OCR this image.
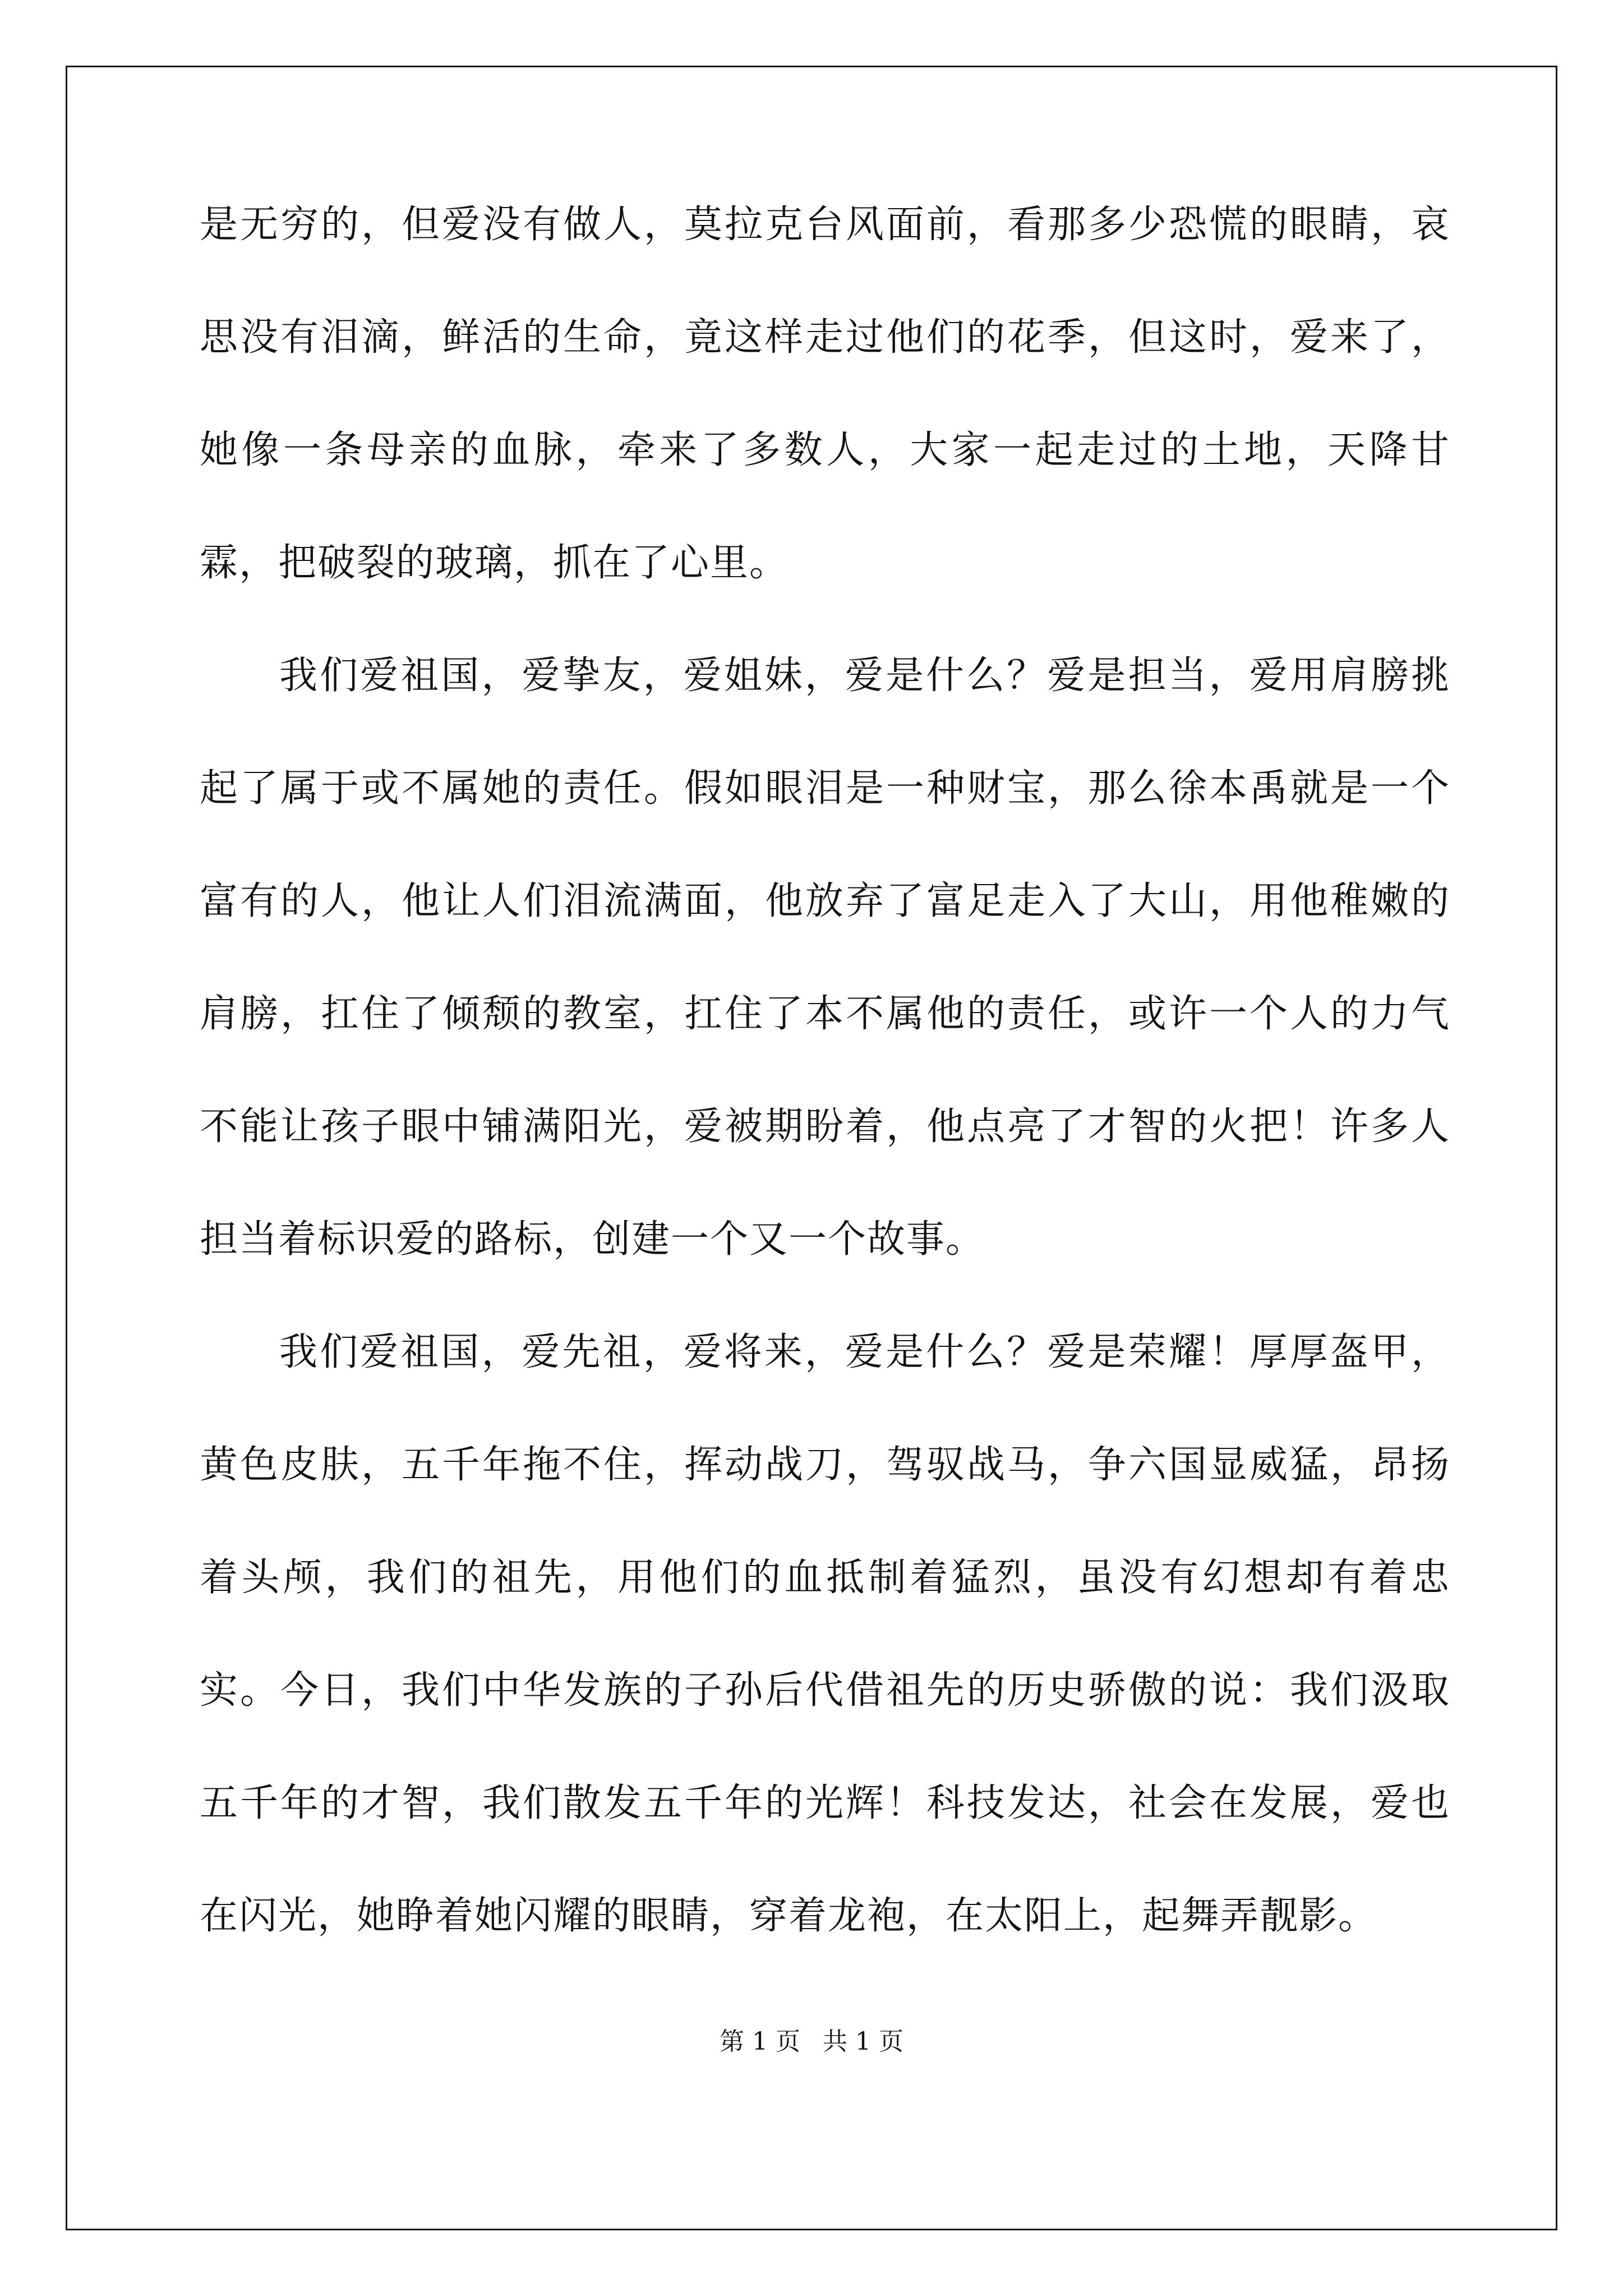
是无穷的，但爱没有做人，莫拉克台风面前，看那多少恐慌的眼睛，哀思没有泪滴，鲜活的生命，竟这样走过他们的花季，但这时，爱来了，她像一条母亲的血脉，牵来了多数人，大家一起走过的土地，天降甘霖，把破裂的玻璃，抓在了心里。

我们爱祖国，爱挚友，爱姐妹，爱是什么？爱是担当，爱用肩膀挑起了属于或不属她的责任。假如眼泪是一种财宝，那么徐本禹就是一个富有的人，他让人们泪流满面，他放弃了富足走入了大山，用他稚嫩的肩膀，扛住了倾颓的教室，扛住了本不属他的责任，或许一个人的力气不能让孩子眼中铺满阳光，爱被期盼着，他点亮了才智的火把！许多人担当着标识爱的路标，创建一个又一个故事。

我们爱祖国，爱先祖，爱将来，爱是什么？爱是荣耀！厚厚盔甲，黄色皮肤，五千年拖不住，挥动战刀，驾驭战马，争六国显威猛，昂扬着头颅，我们的祖先，用他们的血抵制着猛烈，虽没有幻想却有着忠实。今日，我们中华发族的子孙后代借祖先的历史骄傲的说：我们汲取五千年的才智，我们散发五千年的光辉！科技发达，社会在发展，爱也在闪光，她睁着她闪耀的眼睛，穿着龙袍，在太阳上，起舞弄靓影。

第 1 页 共 1 页
